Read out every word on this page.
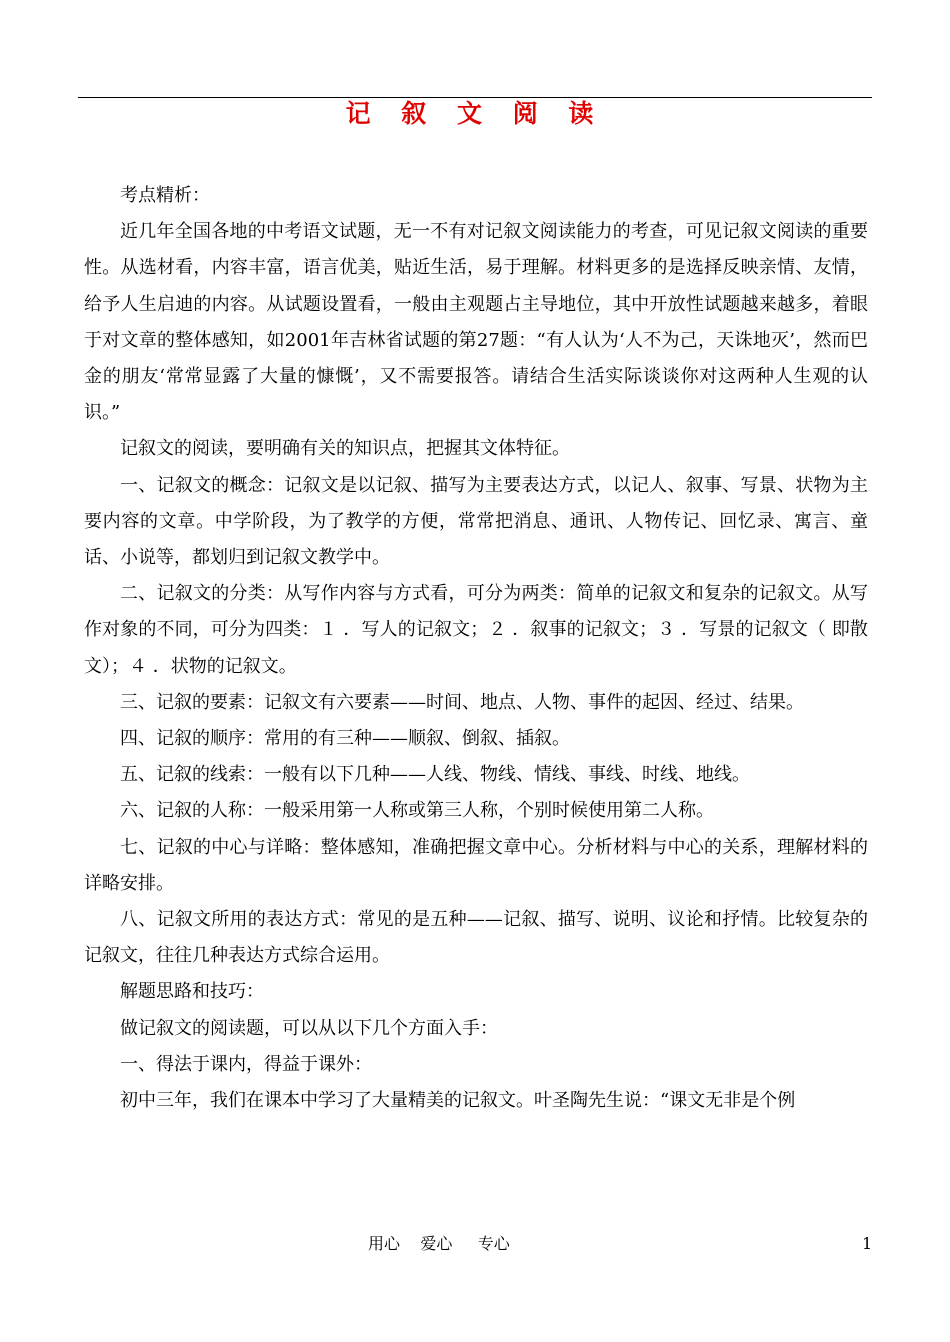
记 叙 文 阅 读

考点精析：

近几年全国各地的中考语文试题，无一不有对记叙文阅读能力的考查，可见记叙文阅读的重要性。从选材看，内容丰富，语言优美，贴近生活，易于理解。材料更多的是选择反映亲情、友情，给予人生启迪的内容。从试题设置看，一般由主观题占主导地位，其中开放性试题越来越多，着眼于对文章的整体感知，如2001年吉林省试题的第27题：“有人认为‘人不为己，天诛地灭’，然而巴金的朋友‘常常显露了大量的慷慨’，又不需要报答。请结合生活实际谈谈你对这两种人生观的认识。”

记叙文的阅读，要明确有关的知识点，把握其文体特征。

一、记叙文的概念：记叙文是以记叙、描写为主要表达方式，以记人、叙事、写景、状物为主要内容的文章。中学阶段，为了教学的方便，常常把消息、通讯、人物传记、回忆录、寓言、童话、小说等，都划归到记叙文教学中。

二、记叙文的分类：从写作内容与方式看，可分为两类：简单的记叙文和复杂的记叙文。从写作对象的不同，可分为四类：１ ．写人的记叙文；２ ．叙事的记叙文；３ ．写景的记叙文（ 即散文）；４ ．状物的记叙文。

三、记叙的要素：记叙文有六要素——时间、地点、人物、事件的起因、经过、结果。

四、记叙的顺序：常用的有三种——顺叙、倒叙、插叙。

五、记叙的线索：一般有以下几种——人线、物线、情线、事线、时线、地线。

六、记叙的人称：一般采用第一人称或第三人称，个别时候使用第二人称。

七、记叙的中心与详略：整体感知，准确把握文章中心。分析材料与中心的关系，理解材料的详略安排。

八、记叙文所用的表达方式：常见的是五种——记叙、描写、说明、议论和抒情。比较复杂的记叙文，往往几种表达方式综合运用。

解题思路和技巧：

做记叙文的阅读题，可以从以下几个方面入手：

一、得法于课内，得益于课外：

初中三年，我们在课本中学习了大量精美的记叙文。叶圣陶先生说：“课文无非是个例

用心    爱心     专心	1
